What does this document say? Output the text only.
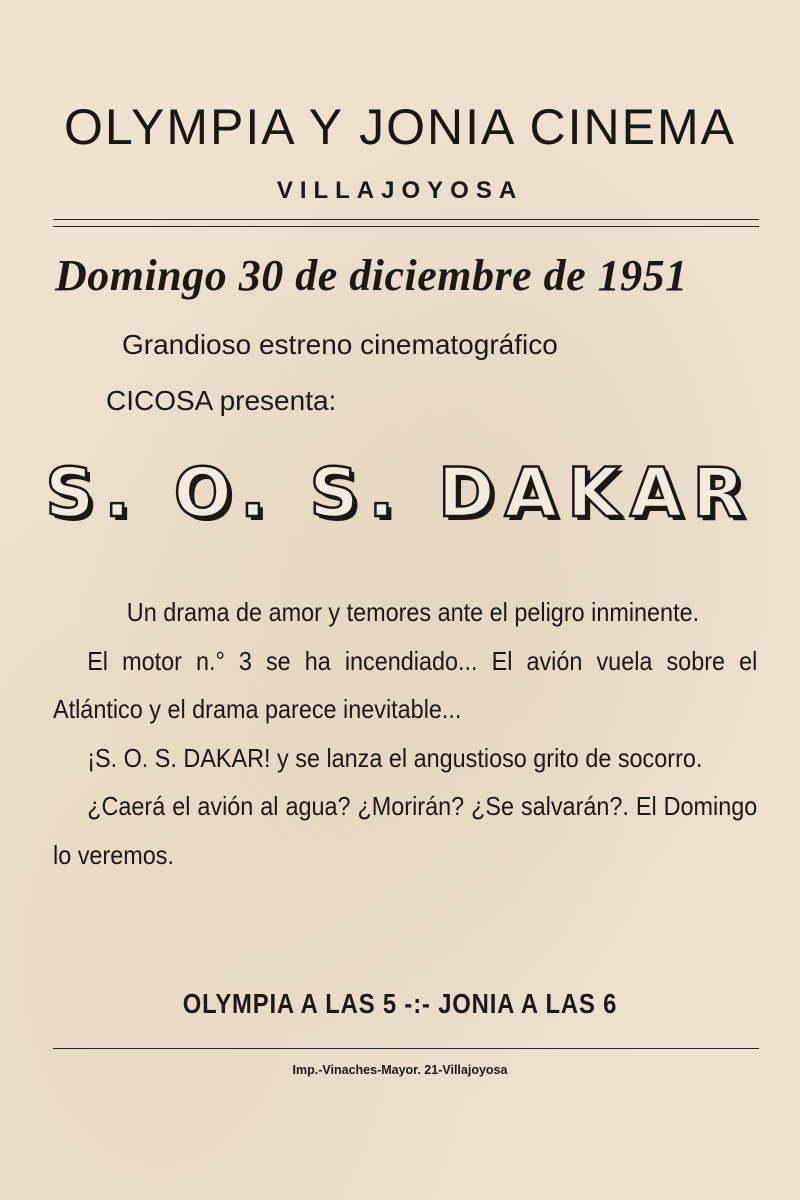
OLYMPIA Y JONIA CINEMA
VILLAJOYOSA
Domingo 30 de diciembre de 1951
Grandioso estreno cinematográfico
CICOSA presenta:
S. O. S. DAKAR

Un drama de amor y temores ante el peligro inminente.

El motor n.° 3 se ha incendiado... El avión vuela sobre el Atlántico y el drama parece inevitable...

¡S. O. S. DAKAR! y se lanza el angustioso grito de socorro.

¿Caerá el avión al agua? ¿Morirán? ¿Se salvarán?. El Domingo lo veremos.

OLYMPIA A LAS 5 -:- JONIA A LAS 6
Imp.-Vinaches-Mayor. 21-Villajoyosa
